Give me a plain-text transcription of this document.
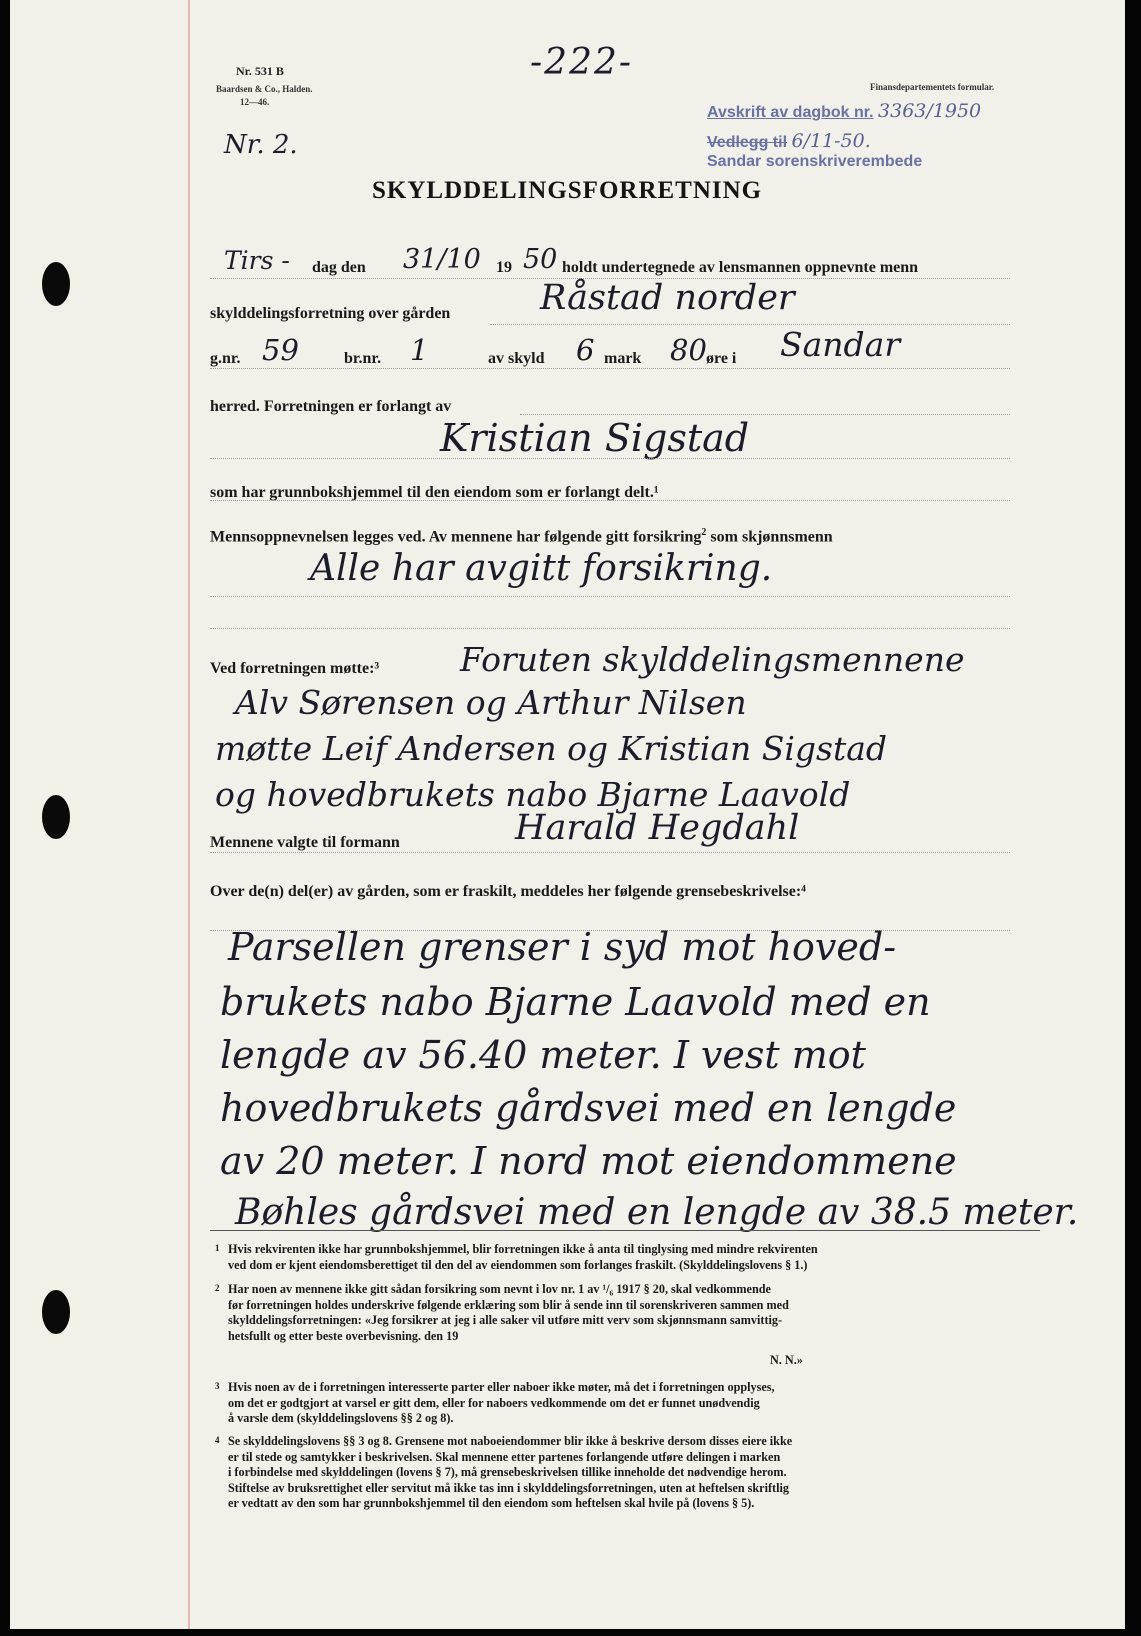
Nr. 531 B
Baardsen & Co., Halden.
12—46.
Nr. 2.
-222-
Finansdepartementets formular.
Avskrift av dagbok nr. 3363/1950
Vedlegg til 6/11-50.
Sandar sorenskriverembede
SKYLDDELINGSFORRETNING
Tirs - dag den 31/10 19 50 holdt undertegnede av lensmannen oppnevnte menn
skylddelingsforretning over gården	Råstad norder
g.nr. 59	br.nr. 1	av skyld 6 mark 80 øre i Sandar
herred. Forretningen er forlangt av
Kristian Sigstad
som har grunnbokshjemmel til den eiendom som er forlangt delt.¹
Mennsoppnevnelsen legges ved. Av mennene har følgende gitt forsikring$^2$ som skjønnsmenn
Alle har avgitt forsikring.
Ved forretningen møtte:³ Foruten skylddelingsmennene
Alv Sørensen og Arthur Nilsen
møtte Leif Andersen og Kristian Sigstad
og hovedbrukets nabo Bjarne Laavold
Mennene valgte til formann	Harald Hegdahl
Over de(n) del(er) av gården, som er fraskilt, meddeles her følgende grensebeskrivelse:⁴
Parsellen grenser i syd mot hoved-
brukets nabo Bjarne Laavold med en
lengde av 56.40 meter. I vest mot
hovedbrukets gårdsvei med en lengde
av 20 meter. I nord mot eiendommene
Bøhles gårdsvei med en lengde av 38.5 meter.
1 Hvis rekvirenten ikke har grunnbokshjemmel, blir forretningen ikke å anta til tinglysing med mindre rekvirenten
ved dom er kjent eiendomsberettiget til den del av eiendommen som forlanges fraskilt. (Skylddelingslovens § 1.)
2 Har noen av mennene ikke gitt sådan forsikring som nevnt i lov nr. 1 av ¹/₆ 1917 § 20, skal vedkommende
før forretningen holdes underskrive følgende erklæring som blir å sende inn til sorenskriveren sammen med
skylddelingsforretningen: «Jeg forsikrer at jeg i alle saker vil utføre mitt verv som skjønnsmann samvittig-
hetsfullt og etter beste overbevisning. den 19
N. N.»
3 Hvis noen av de i forretningen interesserte parter eller naboer ikke møter, må det i forretningen opplyses,
om det er godtgjort at varsel er gitt dem, eller for naboers vedkommende om det er funnet unødvendig
å varsle dem (skylddelingslovens §§ 2 og 8).
4 Se skylddelingslovens §§ 3 og 8. Grensene mot naboeiendommer blir ikke å beskrive dersom disses eiere ikke
er til stede og samtykker i beskrivelsen. Skal mennene etter partenes forlangende utføre delingen i marken
i forbindelse med skylddelingen (lovens § 7), må grensebeskrivelsen tillike inneholde det nødvendige herom.
Stiftelse av bruksrettighet eller servitut må ikke tas inn i skylddelingsforretningen, uten at heftelsen skriftlig
er vedtatt av den som har grunnbokshjemmel til den eiendom som heftelsen skal hvile på (lovens § 5).
